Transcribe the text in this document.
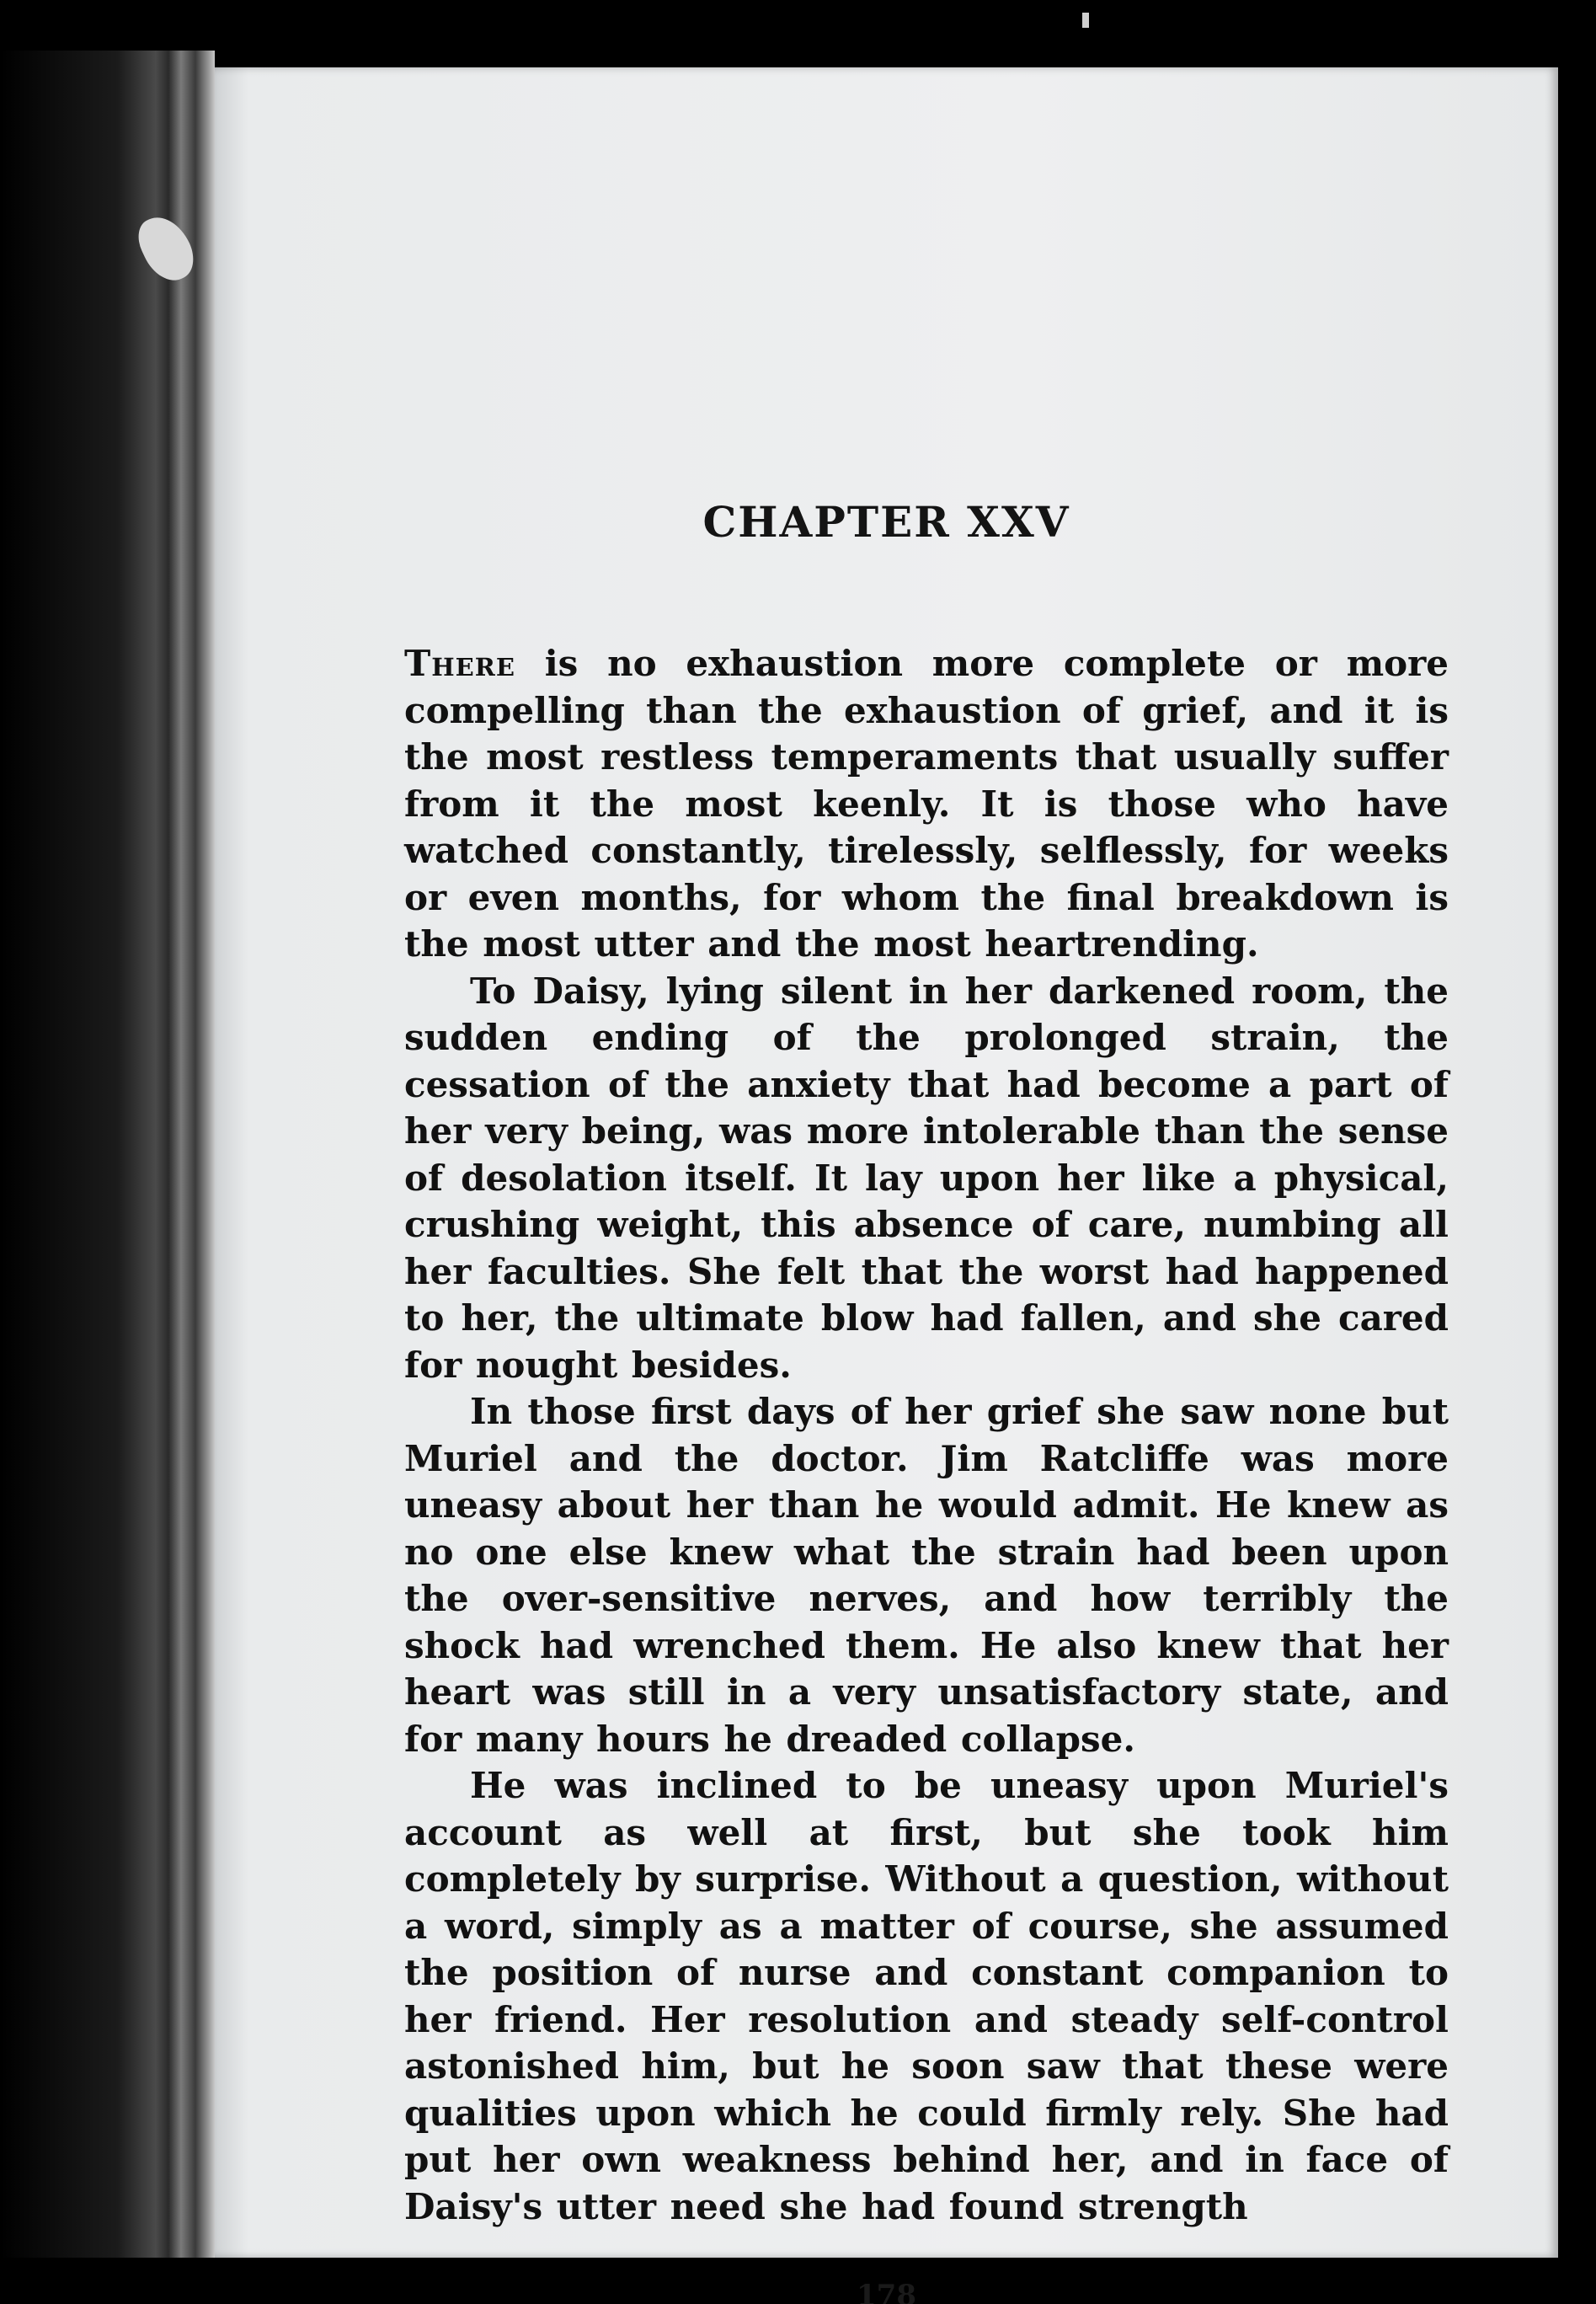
CHAPTER XXV

There is no exhaustion more complete or more compelling than the exhaustion of grief, and it is the most restless temperaments that usually suffer from it the most keenly. It is those who have watched constantly, tirelessly, selflessly, for weeks or even months, for whom the final breakdown is the most utter and the most heartrending.

To Daisy, lying silent in her darkened room, the sudden ending of the prolonged strain, the cessation of the anxiety that had become a part of her very being, was more intolerable than the sense of desolation itself. It lay upon her like a physical, crushing weight, this absence of care, numbing all her faculties. She felt that the worst had happened to her, the ultimate blow had fallen, and she cared for nought besides.

In those first days of her grief she saw none but Muriel and the doctor. Jim Ratcliffe was more uneasy about her than he would admit. He knew as no one else knew what the strain had been upon the over-sensitive nerves, and how terribly the shock had wrenched them. He also knew that her heart was still in a very unsatisfactory state, and for many hours he dreaded collapse.

He was inclined to be uneasy upon Muriel's account as well at first, but she took him completely by surprise. Without a question, without a word, simply as a matter of course, she assumed the position of nurse and constant companion to her friend. Her resolution and steady self-control astonished him, but he soon saw that these were qualities upon which he could firmly rely. She had put her own weakness behind her, and in face of Daisy's utter need she had found strength

178
